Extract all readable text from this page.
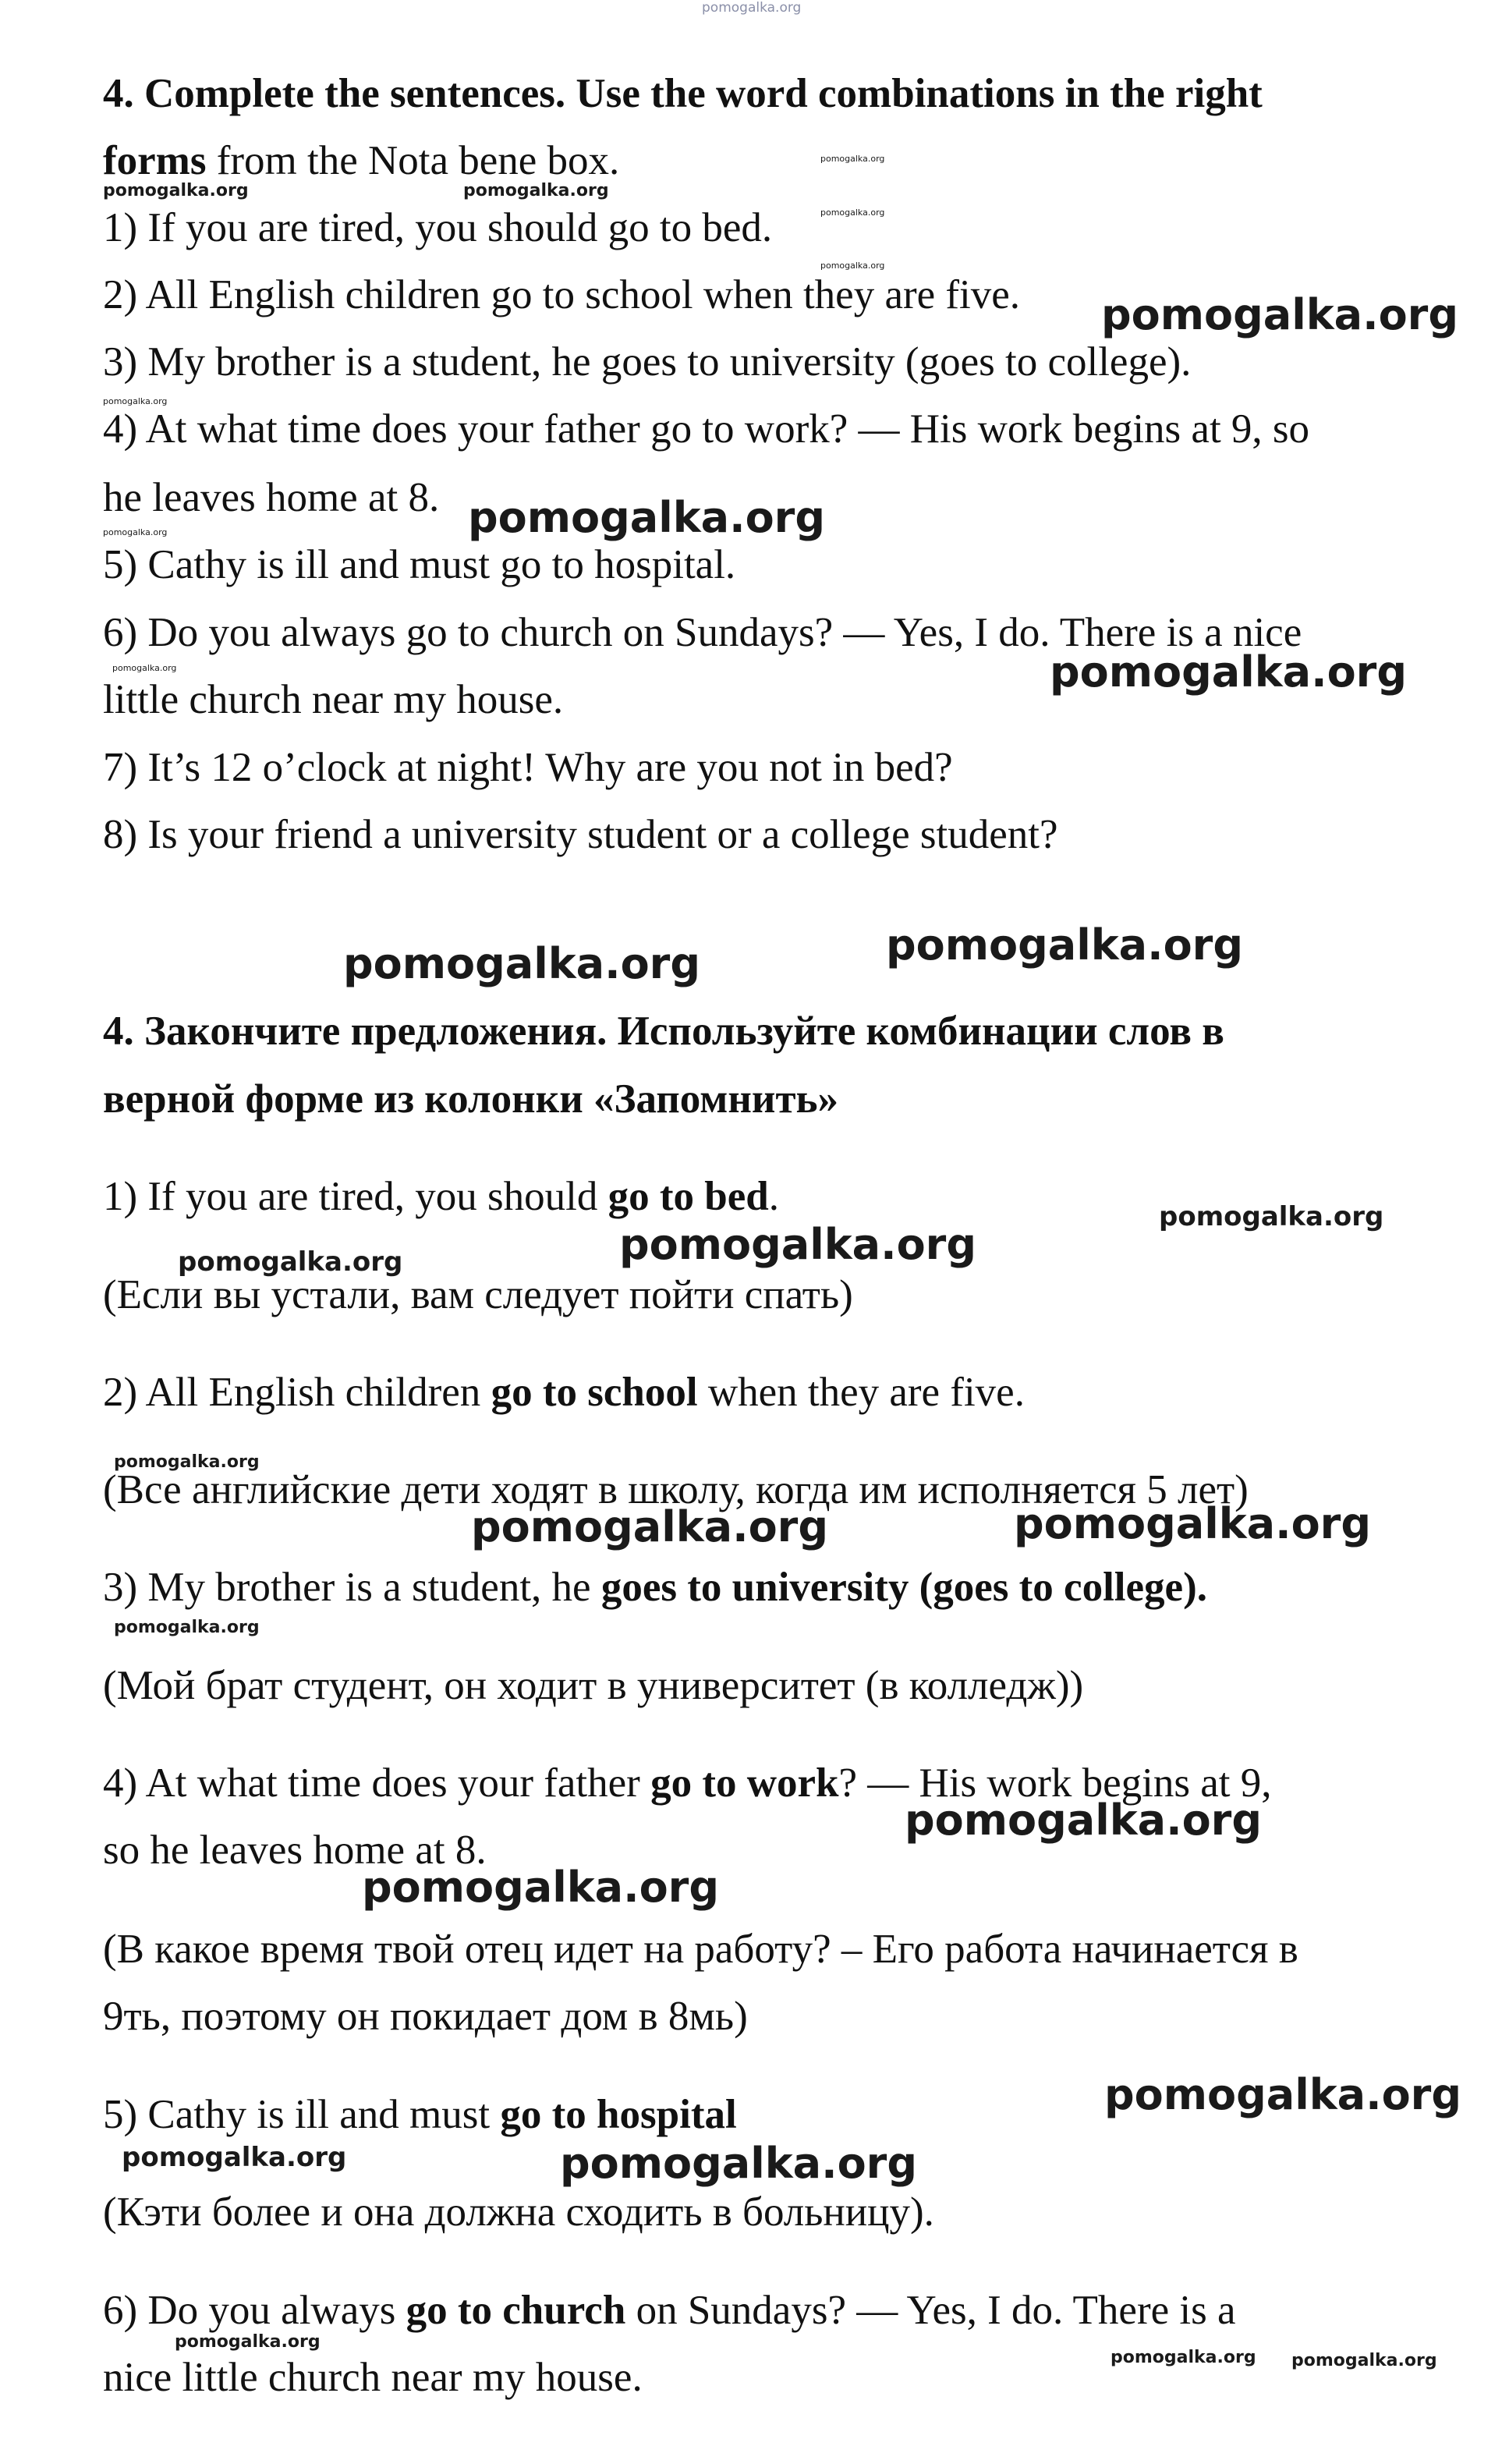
pomogalka.org
4. Complete the sentences. Use the word combinations in the right
forms from the Nota bene box.
1) If you are tired, you should go to bed.
2) All English children go to school when they are five.
3) My brother is a student, he goes to university (goes to college).
4) At what time does your father go to work? — His work begins at 9, so
he leaves home at 8.
5) Cathy is ill and must go to hospital.
6) Do you always go to church on Sundays? — Yes, I do. There is a nice
little church near my house.
7) It’s 12 o’clock at night! Why are you not in bed?
8) Is your friend a university student or a college student?
4. Закончите предложения. Используйте комбинации слов в
верной форме из колонки «Запомнить»
1) If you are tired, you should go to bed.
(Если вы устали, вам следует пойти спать)
2) All English children go to school when they are five.
(Все английские дети ходят в школу, когда им исполняется 5 лет)
3) My brother is a student, he goes to university (goes to college).
(Мой брат студент, он ходит в университет (в колледж))
4) At what time does your father go to work? — His work begins at 9,
so he leaves home at 8.
(В какое время твой отец идет на работу? – Его работа начинается в
9ть, поэтому он покидает дом в 8мь)
5) Cathy is ill and must go to hospital
(Кэти более и она должна сходить в больницу).
6) Do you always go to church on Sundays? — Yes, I do. There is a
nice little church near my house.
pomogalka.org	pomogalka.org
pomogalka.org
pomogalka.org
pomogalka.org
pomogalka.org
pomogalka.org
pomogalka.org
pomogalka.org
pomogalka.org	pomogalka.org
pomogalka.org	pomogalka.org
pomogalka.org
pomogalka.org
pomogalka.org
pomogalka.org
pomogalka.org	pomogalka.org
pomogalka.org
pomogalka.org
pomogalka.org
pomogalka.org
pomogalka.org	pomogalka.org
pomogalka.org
pomogalka.org pomogalka.org
